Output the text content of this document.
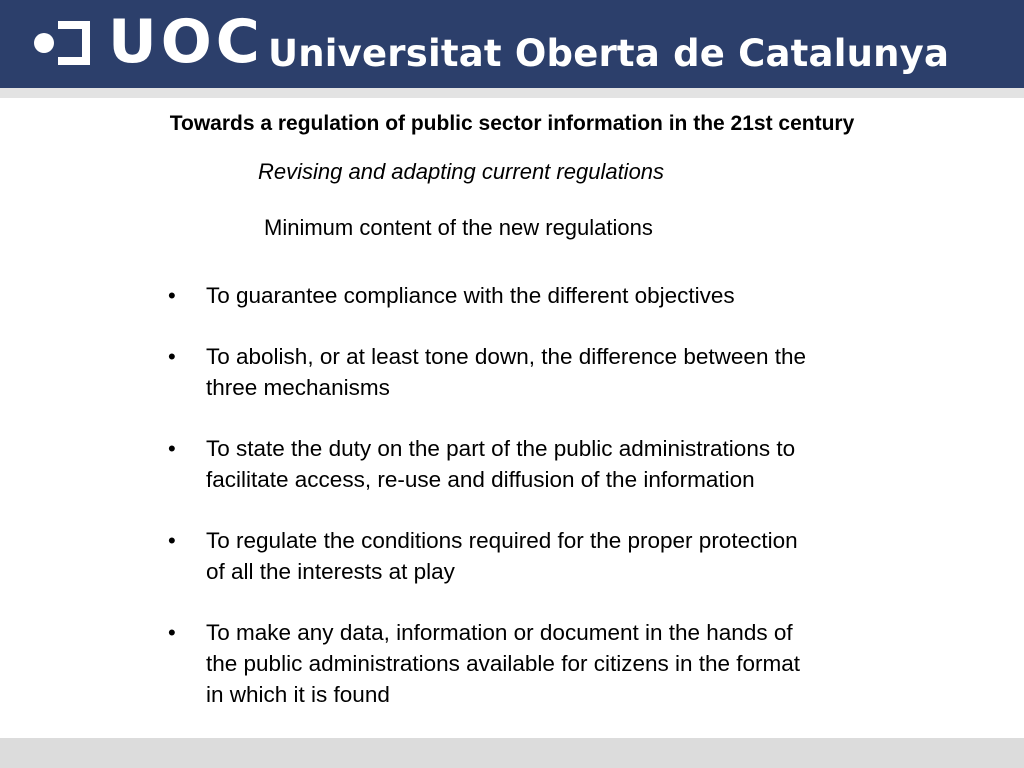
UOC Universitat Oberta de Catalunya
Towards a regulation of public sector information in the 21st century
Revising and adapting current regulations
Minimum content of the new regulations
• To guarantee compliance with the different objectives
• To abolish, or at least tone down, the difference between the
three mechanisms
• To state the duty on the part of the public administrations to
facilitate access, re-use and diffusion of the information
• To regulate the conditions required for the proper protection
of all the interests at play
• To make any data, information or document in the hands of
the public administrations available for citizens in the format
in which it is found
